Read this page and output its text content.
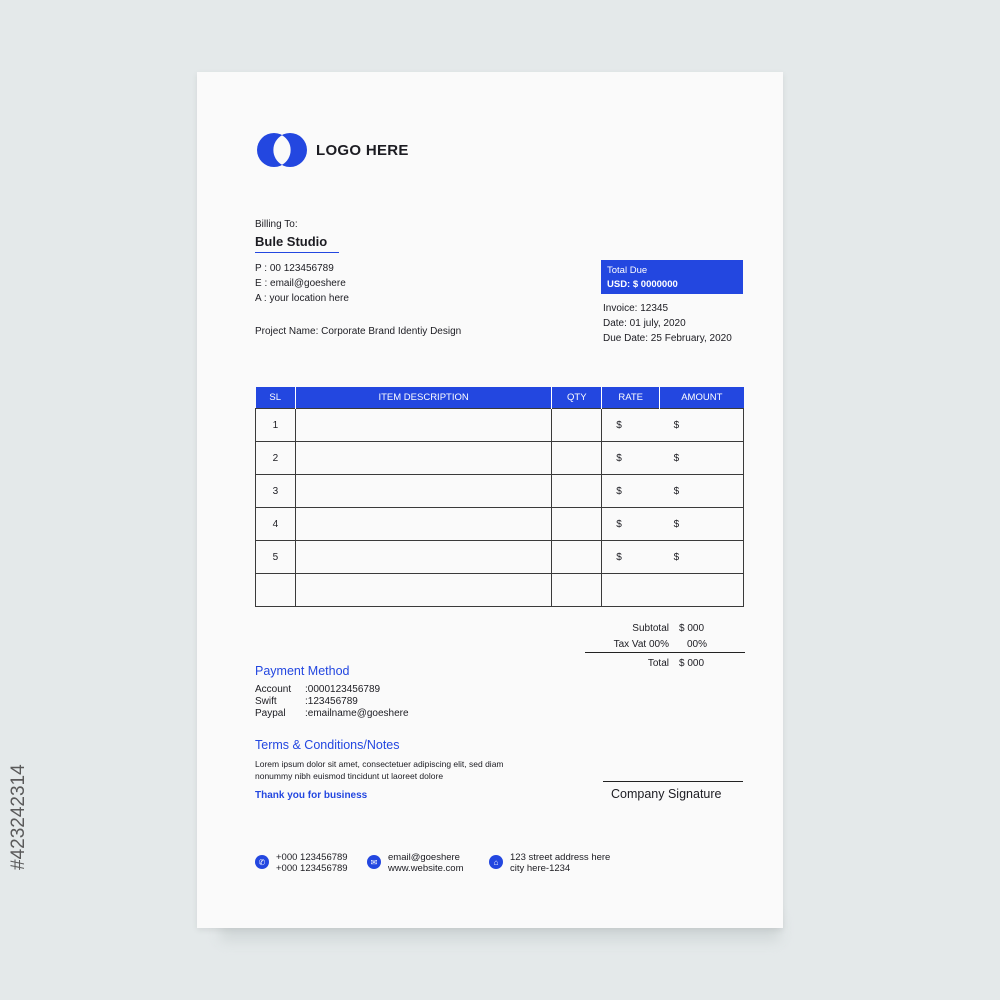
LOGO HERE
Billing To:
Bule Studio
P : 00 123456789
E : email@goeshere
A : your location here
Project Name: Corporate Brand Identiy Design
Total Due
USD: $ 0000000
Invoice: 12345
Date: 01 july, 2020
Due Date: 25 February, 2020
SL	ITEM DESCRIPTION	QTY	RATE	AMOUNT
1			$	$
2			$	$
3			$	$
4			$	$
5			$	$

Subtotal	$ 000
Tax Vat 00%	00%
Total	$ 000
Payment Method
Account	:0000123456789
Swift	:123456789
Paypal	:emailname@goeshere
Terms & Conditions/Notes
Lorem ipsum dolor sit amet, consectetuer adipiscing elit, sed diam nonummy nibh euismod tincidunt ut laoreet dolore
Thank you for business	Company Signature
✆	+000 123456789
+000 123456789
✉	email@goeshere
www.website.com
⌂	123 street address here
city here-1234
#423242314
